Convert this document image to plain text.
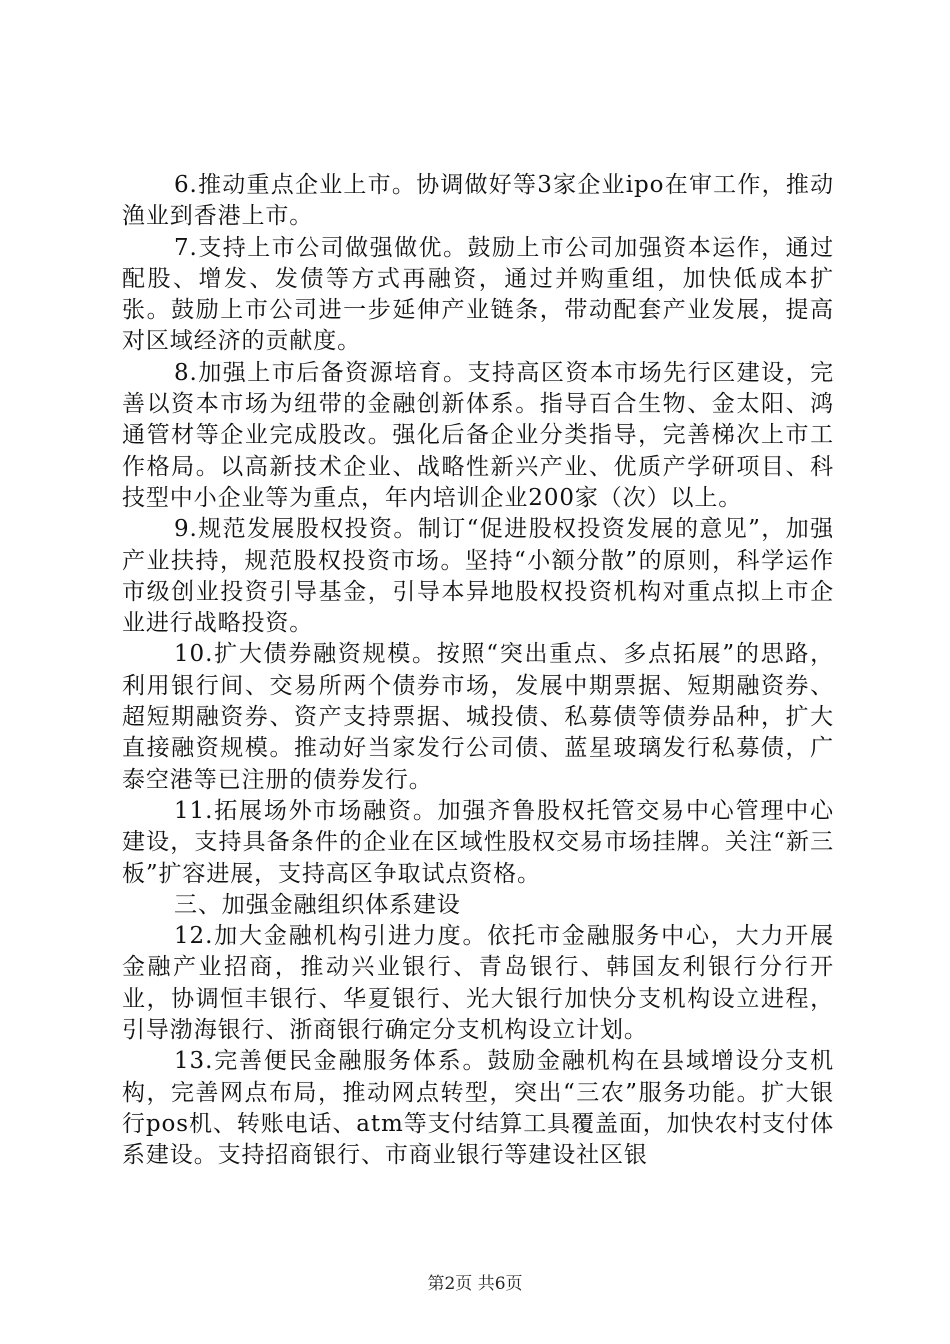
6.推动重点企业上市。协调做好等3家企业ipo在审工作，推动渔业到香港上市。

7.支持上市公司做强做优。鼓励上市公司加强资本运作，通过配股、增发、发债等方式再融资，通过并购重组，加快低成本扩张。鼓励上市公司进一步延伸产业链条，带动配套产业发展，提高对区域经济的贡献度。

8.加强上市后备资源培育。支持高区资本市场先行区建设，完善以资本市场为纽带的金融创新体系。指导百合生物、金太阳、鸿通管材等企业完成股改。强化后备企业分类指导，完善梯次上市工作格局。以高新技术企业、战略性新兴产业、优质产学研项目、科技型中小企业等为重点，年内培训企业200家（次）以上。

9.规范发展股权投资。制订“促进股权投资发展的意见”，加强产业扶持，规范股权投资市场。坚持“小额分散”的原则，科学运作市级创业投资引导基金，引导本异地股权投资机构对重点拟上市企业进行战略投资。

10.扩大债券融资规模。按照“突出重点、多点拓展”的思路，利用银行间、交易所两个债券市场，发展中期票据、短期融资券、超短期融资券、资产支持票据、城投债、私募债等债券品种，扩大直接融资规模。推动好当家发行公司债、蓝星玻璃发行私募债，广泰空港等已注册的债券发行。

11.拓展场外市场融资。加强齐鲁股权托管交易中心管理中心建设，支持具备条件的企业在区域性股权交易市场挂牌。关注“新三板”扩容进展，支持高区争取试点资格。

三、加强金融组织体系建设

12.加大金融机构引进力度。依托市金融服务中心，大力开展金融产业招商，推动兴业银行、青岛银行、韩国友利银行分行开业，协调恒丰银行、华夏银行、光大银行加快分支机构设立进程，引导渤海银行、浙商银行确定分支机构设立计划。

13.完善便民金融服务体系。鼓励金融机构在县域增设分支机构，完善网点布局，推动网点转型，突出“三农”服务功能。扩大银行pos机、转账电话、atm等支付结算工具覆盖面，加快农村支付体系建设。支持招商银行、市商业银行等建设社区银

第2页 共6页
